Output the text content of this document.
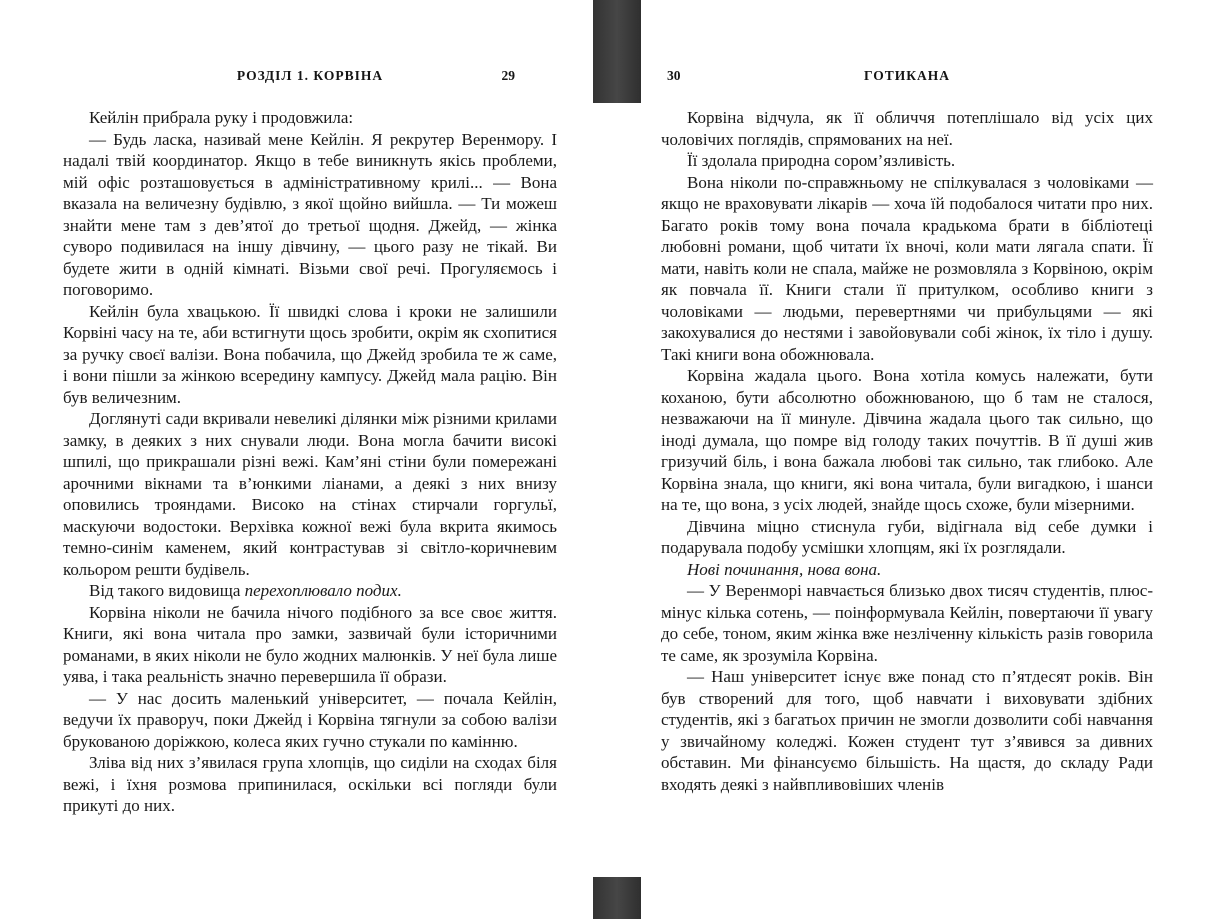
РОЗДІЛ 1. КОРВІНА	29

Кейлін прибрала руку і продовжила:

— Будь ласка, називай мене Кейлін. Я рекрутер Веренмору. І надалі твій координатор. Якщо в тебе виникнуть якісь проблеми, мій офіс розташовується в адміністративному крилі... — Вона вказала на величезну будівлю, з якої щойно вийшла. — Ти можеш знайти мене там з дев’ятої до третьої щодня. Джейд, — жінка суворо подивилася на іншу дівчину, — цього разу не тікай. Ви будете жити в одній кімнаті. Візьми свої речі. Прогуляємось і поговоримо.

Кейлін була хвацькою. Її швидкі слова і кроки не залишили Корвіні часу на те, аби встигнути щось зробити, окрім як схопитися за ручку своєї валізи. Вона побачила, що Джейд зробила те ж саме, і вони пішли за жінкою всередину кампусу. Джейд мала рацію. Він був величезним.

Доглянуті сади вкривали невеликі ділянки між різними крилами замку, в деяких з них снували люди. Вона могла бачити високі шпилі, що прикрашали різні вежі. Кам’яні стіни були помережані арочними вікнами та в’юнкими ліанами, а деякі з них внизу оповились трояндами. Високо на стінах стирчали горгульї, маскуючи водостоки. Верхівка кожної вежі була вкрита якимось темно-синім каменем, який контрастував зі світло-коричневим кольором решти будівель.

Від такого видовища перехоплювало подих.

Корвіна ніколи не бачила нічого подібного за все своє життя. Книги, які вона читала про замки, зазвичай були історичними романами, в яких ніколи не було жодних малюнків. У неї була лише уява, і така реальність значно перевершила її образи.

— У нас досить маленький університет, — почала Кейлін, ведучи їх праворуч, поки Джейд і Корвіна тягнули за собою валізи брукованою доріжкою, колеса яких гучно стукали по камінню.

Зліва від них з’явилася група хлопців, що сиділи на сходах біля вежі, і їхня розмова припинилася, оскільки всі погляди були прикуті до них.

30	ГОТИКАНА

Корвіна відчула, як її обличчя потеплішало від усіх цих чоловічих поглядів, спрямованих на неї.

Її здолала природна сором’язливість.

Вона ніколи по-справжньому не спілкувалася з чоловіками — якщо не враховувати лікарів — хоча їй подобалося читати про них. Багато років тому вона почала крадькома брати в бібліотеці любовні романи, щоб читати їх вночі, коли мати лягала спати. Її мати, навіть коли не спала, майже не розмовляла з Корвіною, окрім як повчала її. Книги стали її притулком, особливо книги з чоловіками — людьми, перевертнями чи прибульцями — які закохувалися до нестями і завойовували собі жінок, їх тіло і душу. Такі книги вона обожнювала.

Корвіна жадала цього. Вона хотіла комусь належати, бути коханою, бути абсолютно обожнюваною, що б там не сталося, незважаючи на її минуле. Дівчина жадала цього так сильно, що іноді думала, що помре від голоду таких почуттів. В її душі жив гризучий біль, і вона бажала любові так сильно, так глибоко. Але Корвіна знала, що книги, які вона читала, були вигадкою, і шанси на те, що вона, з усіх людей, знайде щось схоже, були мізерними.

Дівчина міцно стиснула губи, відігнала від себе думки і подарувала подобу усмішки хлопцям, які їх розглядали.

Нові починання, нова вона.

— У Веренморі навчається близько двох тисяч студентів, плюс-мінус кілька сотень, — поінформувала Кейлін, повертаючи її увагу до себе, тоном, яким жінка вже незліченну кількість разів говорила те саме, як зрозуміла Корвіна.

— Наш університет існує вже понад сто п’ятдесят років. Він був створений для того, щоб навчати і виховувати здібних студентів, які з багатьох причин не змогли дозволити собі навчання у звичайному коледжі. Кожен студент тут з’явився за дивних обставин. Ми фінансуємо більшість. На щастя, до складу Ради входять деякі з найвпливовіших членів
